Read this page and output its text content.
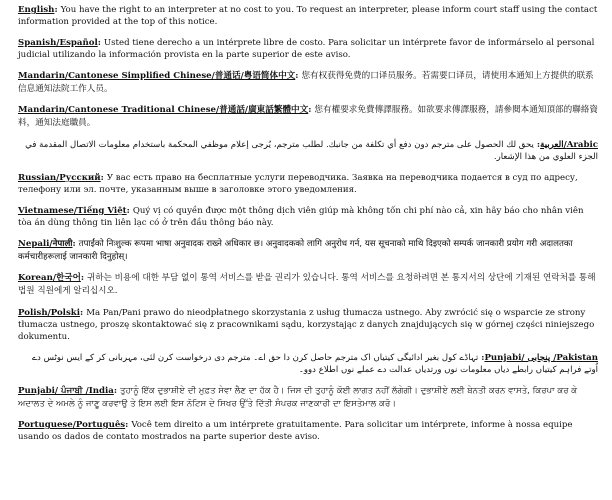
English: You have the right to an interpreter at no cost to you. To request an interpreter, please inform court staff using the contact information provided at the top of this notice.

Spanish/Español: Usted tiene derecho a un intérprete libre de costo. Para solicitar un intérprete favor de informárselo al personal judicial utilizando la información provista en la parte superior de este aviso.

Mandarin/Cantonese Simplified Chinese/普通话/粤语简体中文: 您有权获得免费的口译员服务。若需要口译员，请使用本通知上方提供的联系信息通知法院工作人员。

Mandarin/Cantonese Traditional Chinese/普通話/廣東話繁體中文: 您有權要求免費傳譯服務。如欲要求傳譯服務，請參閱本通知頂部的聯絡資料，通知法庭職員。

Arabic/العربية: يحق لك الحصول على مترجم دون دفع أي تكلفة من جانبك. لطلب مترجم، يُرجى إعلام موظفي المحكمة باستخدام معلومات الاتصال المقدمة في الجزء العلوي من هذا الإشعار.

Russian/Русский: У вас есть право на бесплатные услуги переводчика. Заявка на переводчика подается в суд по адресу, телефону или эл. почте, указанным выше в заголовке этого уведомления.

Vietnamese/Tiếng Việt: Quý vị có quyền được một thông dịch viên giúp mà không tốn chi phí nào cả, xin hãy báo cho nhân viên tòa án dùng thông tin liên lạc có ở trên đầu thông báo này.

Nepali/नेपाली: तपाईंको निःशुल्क रूपमा भाषा अनुवादक राख्ने अधिकार छ। अनुवादकको लागि अनुरोध गर्न, यस सूचनाको माथि दिइएको सम्पर्क जानकारी प्रयोग गरी अदालतका कर्मचारीहरूलाई जानकारी दिनुहोस्।

Korean/한국어: 귀하는 비용에 대한 부담 없이 통역 서비스를 받을 권리가 있습니다. 통역 서비스를 요청하려면 본 통지서의 상단에 기재된 연락처를 통해 법원 직원에게 알리십시오.

Polish/Polski: Ma Pan/Pani prawo do nieodpłatnego skorzystania z usług tłumacza ustnego. Aby zwrócić się o wsparcie ze strony tłumacza ustnego, proszę skontaktować się z pracownikami sądu, korzystając z danych znajdujących się w górnej części niniejszego dokumentu.

Pakistan/ پنجابی /Punjabi: تہاڈے کول بغیر ادائیگی کیتیاں اک مترجم حاصل کرن دا حق اے۔ مترجم دی درخواست کرن لئی، مہربانی کر کے ایس نوٹس دے اُوتے فراہم کیتیاں رابطے دیاں معلومات نوں ورتدیاں عدالت دے عملے نوں اطلاع دوو۔

Punjabi/ ਪੰਜਾਬੀ /India: ਤੁਹਾਨੂੰ ਇੱਕ ਦੁਭਾਸ਼ੀਏ ਦੀ ਮੁਫ਼ਤ ਸੇਵਾ ਲੈਣ ਦਾ ਹੱਕ ਹੈ। ਜਿਸ ਦੀ ਤੁਹਾਨੂੰ ਕੋਈ ਲਾਗਤ ਨਹੀਂ ਲੱਗੇਗੀ। ਦੁਭਾਸ਼ੀਏ ਲਈ ਬੇਨਤੀ ਕਰਨ ਵਾਸਤੇ, ਕਿਰਪਾ ਕਰ ਕੇ ਅਦਾਲਤ ਦੇ ਅਮਲੇ ਨੂੰ ਜਾਣੂ ਕਰਵਾਉ ਤੇ ਇਸ ਲਈ ਇਸ ਨੋਟਿਸ ਦੇ ਸਿਖਰ ਉੱਤੇ ਦਿੱਤੀ ਸੰਪਰਕ ਜਾਣਕਾਰੀ ਦਾ ਇਸਤੇਮਾਲ ਕਰੋ।

Portuguese/Português: Você tem direito a um intérprete gratuitamente. Para solicitar um intérprete, informe à nossa equipe usando os dados de contato mostrados na parte superior deste aviso.
